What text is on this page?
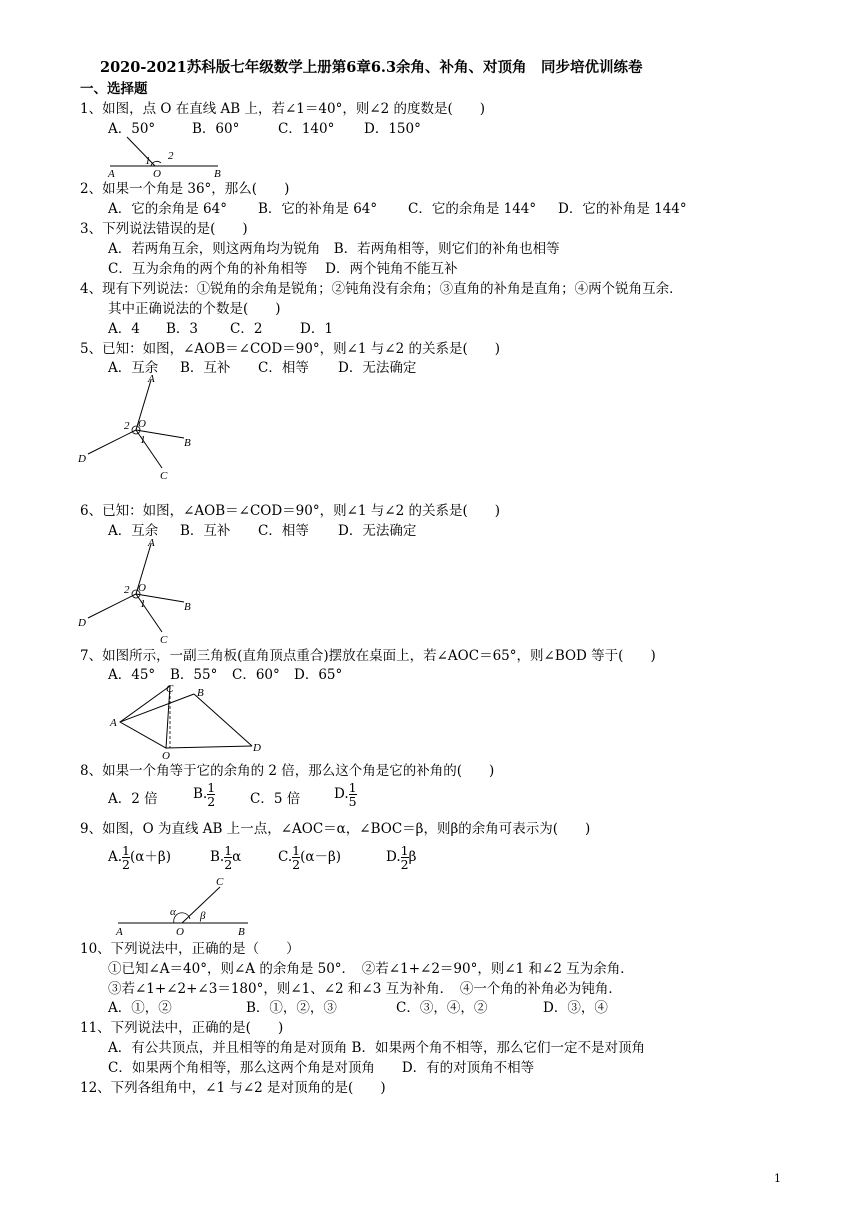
2020-2021苏科版七年级数学上册第6章6.3余角、补角、对顶角　同步培优训练卷
一、选择题
1、如图，点 O 在直线 AB 上，若∠1＝40°，则∠2 的度数是(　　)
A．50°	B．60°	C．140° D．150°
1 2
A	O	B
2、如果一个角是 36°，那么(　　)
A．它的余角是 64° B．它的补角是 64° C．它的余角是 144° D．它的补角是 144°
3、下列说法错误的是(　　)
A．若两角互余，则这两角均为锐角　B．若两角相等，则它们的补角也相等
C．互为余角的两个角的补角相等　 D．两个钝角不能互补
4、现有下列说法：①锐角的余角是锐角；②钝角没有余角；③直角的补角是直角；④两个锐角互余．
其中正确说法的个数是(　　)
A．4 B．3 C．2	D．1
5、已知：如图，∠AOB＝∠COD＝90°，则∠1 与∠2 的关系是(　　)
A．互余 B．互补 C．相等 D．无法确定
A
O
2
1	B
C
D
6、已知：如图，∠AOB＝∠COD＝90°，则∠1 与∠2 的关系是(　　)
A．互余 B．互补 C．相等 D．无法确定
A
O
2
1	B
C
D
7、如图所示，一副三角板(直角顶点重合)摆放在桌面上，若∠AOC＝65°，则∠BOD 等于(　　)
A．45° B．55° C．60° D．65°
A
C B
O
D
8、如果一个角等于它的余角的 2 倍，那么这个角是它的补角的(　　)
A．2 倍	B. $\frac{1}{2}$	C．5 倍	D. $\frac{1}{5}$
9、如图，O 为直线 AB 上一点，∠AOC＝α，∠BOC＝β，则β的余角可表示为(　　)
A. $\frac{1}{2} (\alpha+\beta)$	B. $\frac{1}{2}$ α	C. $\frac{1}{2} (\alpha-\beta)$	D. $\frac{1}{2}$ β
C
α β
A	O	B
10、下列说法中，正确的是（　　）
①已知∠A＝40°，则∠A 的余角是 50°．　②若∠1+∠2＝90°，则∠1 和∠2 互为余角．
③若∠1+∠2+∠3＝180°，则∠1、∠2 和∠3 互为补角．　④一个角的补角必为钝角．
A．①，②	B．①，②，③	C．③，④，②	D．③，④
11、下列说法中，正确的是(　　)
A．有公共顶点，并且相等的角是对顶角 B．如果两个角不相等，那么它们一定不是对顶角
C．如果两个角相等，那么这两个角是对顶角　　D．有的对顶角不相等
12、下列各组角中，∠1 与∠2 是对顶角的是(　　)
1
